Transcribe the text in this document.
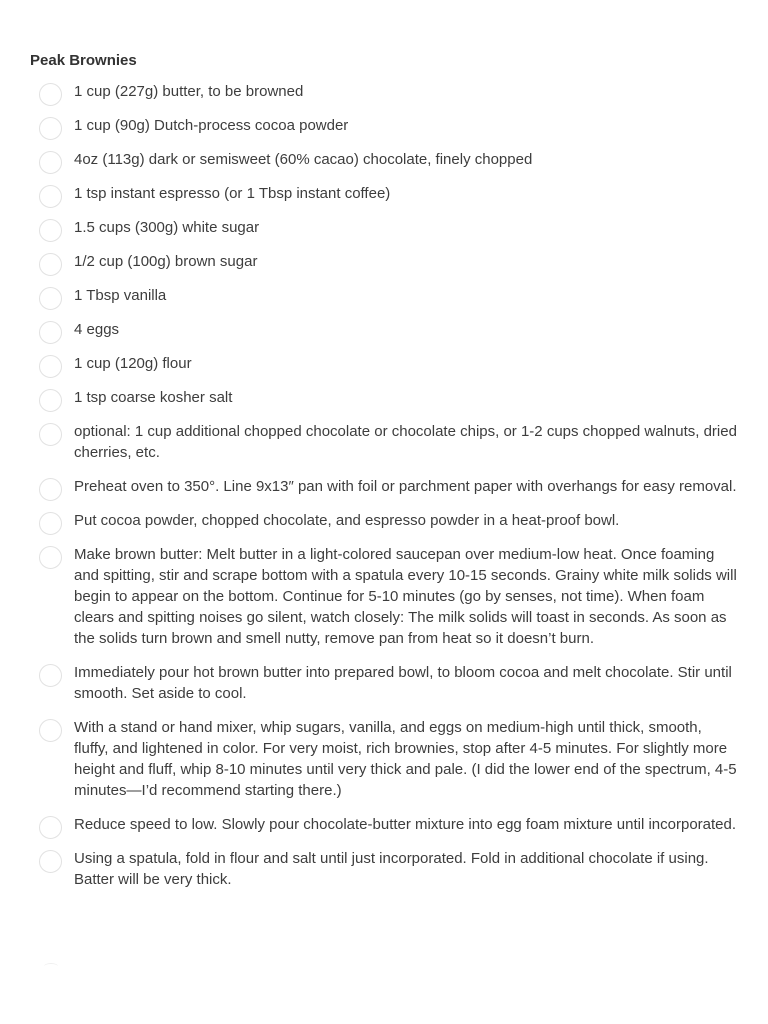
Peak Brownies
1 cup (227g) butter, to be browned
1 cup (90g) Dutch-process cocoa powder
4oz (113g) dark or semisweet (60% cacao) chocolate, finely chopped
1 tsp instant espresso (or 1 Tbsp instant coffee)
1.5 cups (300g) white sugar
1/2 cup (100g) brown sugar
1 Tbsp vanilla
4 eggs
1 cup (120g) flour
1 tsp coarse kosher salt
optional: 1 cup additional chopped chocolate or chocolate chips, or 1-2 cups chopped walnuts, dried cherries, etc.
Preheat oven to 350°. Line 9x13″ pan with foil or parchment paper with overhangs for easy removal.
Put cocoa powder, chopped chocolate, and espresso powder in a heat-proof bowl.
Make brown butter: Melt butter in a light-colored saucepan over medium-low heat. Once foaming and spitting, stir and scrape bottom with a spatula every 10-15 seconds. Grainy white milk solids will begin to appear on the bottom. Continue for 5-10 minutes (go by senses, not time). When foam clears and spitting noises go silent, watch closely: The milk solids will toast in seconds. As soon as the solids turn brown and smell nutty, remove pan from heat so it doesn’t burn.
Immediately pour hot brown butter into prepared bowl, to bloom cocoa and melt chocolate. Stir until smooth. Set aside to cool.
With a stand or hand mixer, whip sugars, vanilla, and eggs on medium-high until thick, smooth, fluffy, and lightened in color. For very moist, rich brownies, stop after 4-5 minutes. For slightly more height and fluff, whip 8-10 minutes until very thick and pale. (I did the lower end of the spectrum, 4-5 minutes—I’d recommend starting there.)
Reduce speed to low. Slowly pour chocolate-butter mixture into egg foam mixture until incorporated.
Using a spatula, fold in flour and salt until just incorporated. Fold in additional chocolate if using. Batter will be very thick.
